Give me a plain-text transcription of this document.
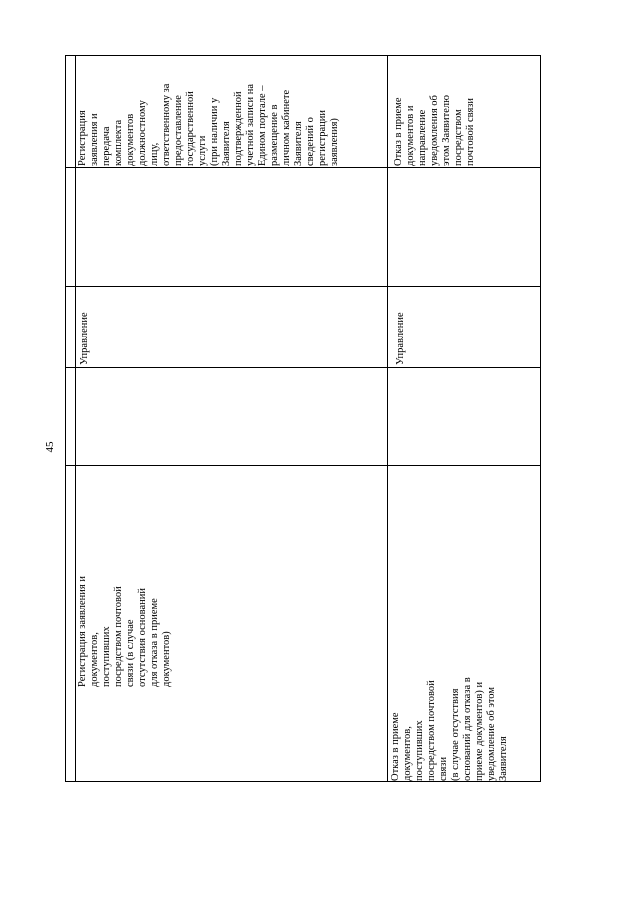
45
Регистрация заявления и
документов,
поступивших
посредством почтовой
связи (в случае
отсутствия оснований
для отказа в приеме
документов)
Отказ в приеме
документов,
поступивших
посредством почтовой
связи
(в случае отсутствия
оснований для отказа в
приеме документов) и
уведомление об этом
Заявителя
Управление	Управление
Регистрация
заявления и
передача
комплекта
документов
должностному
лицу,
ответственному за
предоставление
государственной
услуги
(при наличии у
Заявителя
подтвержденной
учетной записи на
Едином портале –
размещение в
личном кабинете
Заявителя
сведений о
регистрации
заявления)	Отказ в приеме
документов и
направление
уведомления об
этом Заявителю
посредством
почтовой связи
